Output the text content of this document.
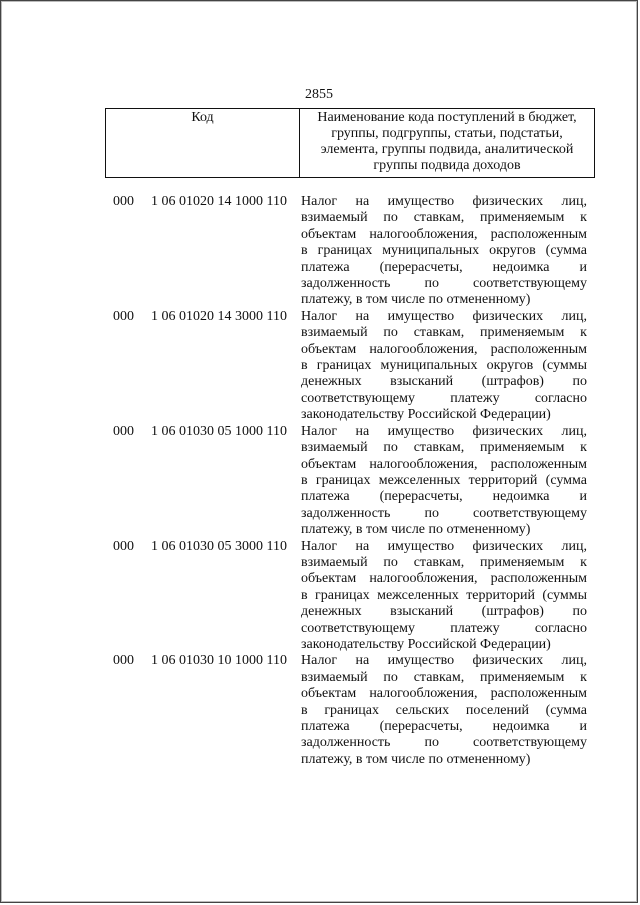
2855
Код	Наименование кода поступлений в бюджет,
группы, подгруппы, статьи, подстатьи,
элемента, группы подвида, аналитической
группы подвида доходов
000	1 06 01020 14 1000 110	Налог на имущество физических лиц,
взимаемый по ставкам, применяемым к
объектам налогообложения, расположенным
в границах муниципальных округов (сумма
платежа (перерасчеты, недоимка и
задолженность по соответствующему
платежу, в том числе по отмененному)
000	1 06 01020 14 3000 110	Налог на имущество физических лиц,
взимаемый по ставкам, применяемым к
объектам налогообложения, расположенным
в границах муниципальных округов (суммы
денежных взысканий (штрафов) по
соответствующему	платежу	согласно
законодательству Российской Федерации)
000	1 06 01030 05 1000 110	Налог на имущество физических лиц,
взимаемый по ставкам, применяемым к
объектам налогообложения, расположенным
в границах межселенных территорий (сумма
платежа (перерасчеты, недоимка и
задолженность по соответствующему
платежу, в том числе по отмененному)
000	1 06 01030 05 3000 110	Налог на имущество физических лиц,
взимаемый по ставкам, применяемым к
объектам налогообложения, расположенным
в границах межселенных территорий (суммы
денежных взысканий (штрафов) по
соответствующему	платежу	согласно
законодательству Российской Федерации)
000	1 06 01030 10 1000 110	Налог на имущество физических лиц,
взимаемый по ставкам, применяемым к
объектам налогообложения, расположенным
в границах сельских поселений (сумма
платежа (перерасчеты, недоимка и
задолженность по соответствующему
платежу, в том числе по отмененному)
